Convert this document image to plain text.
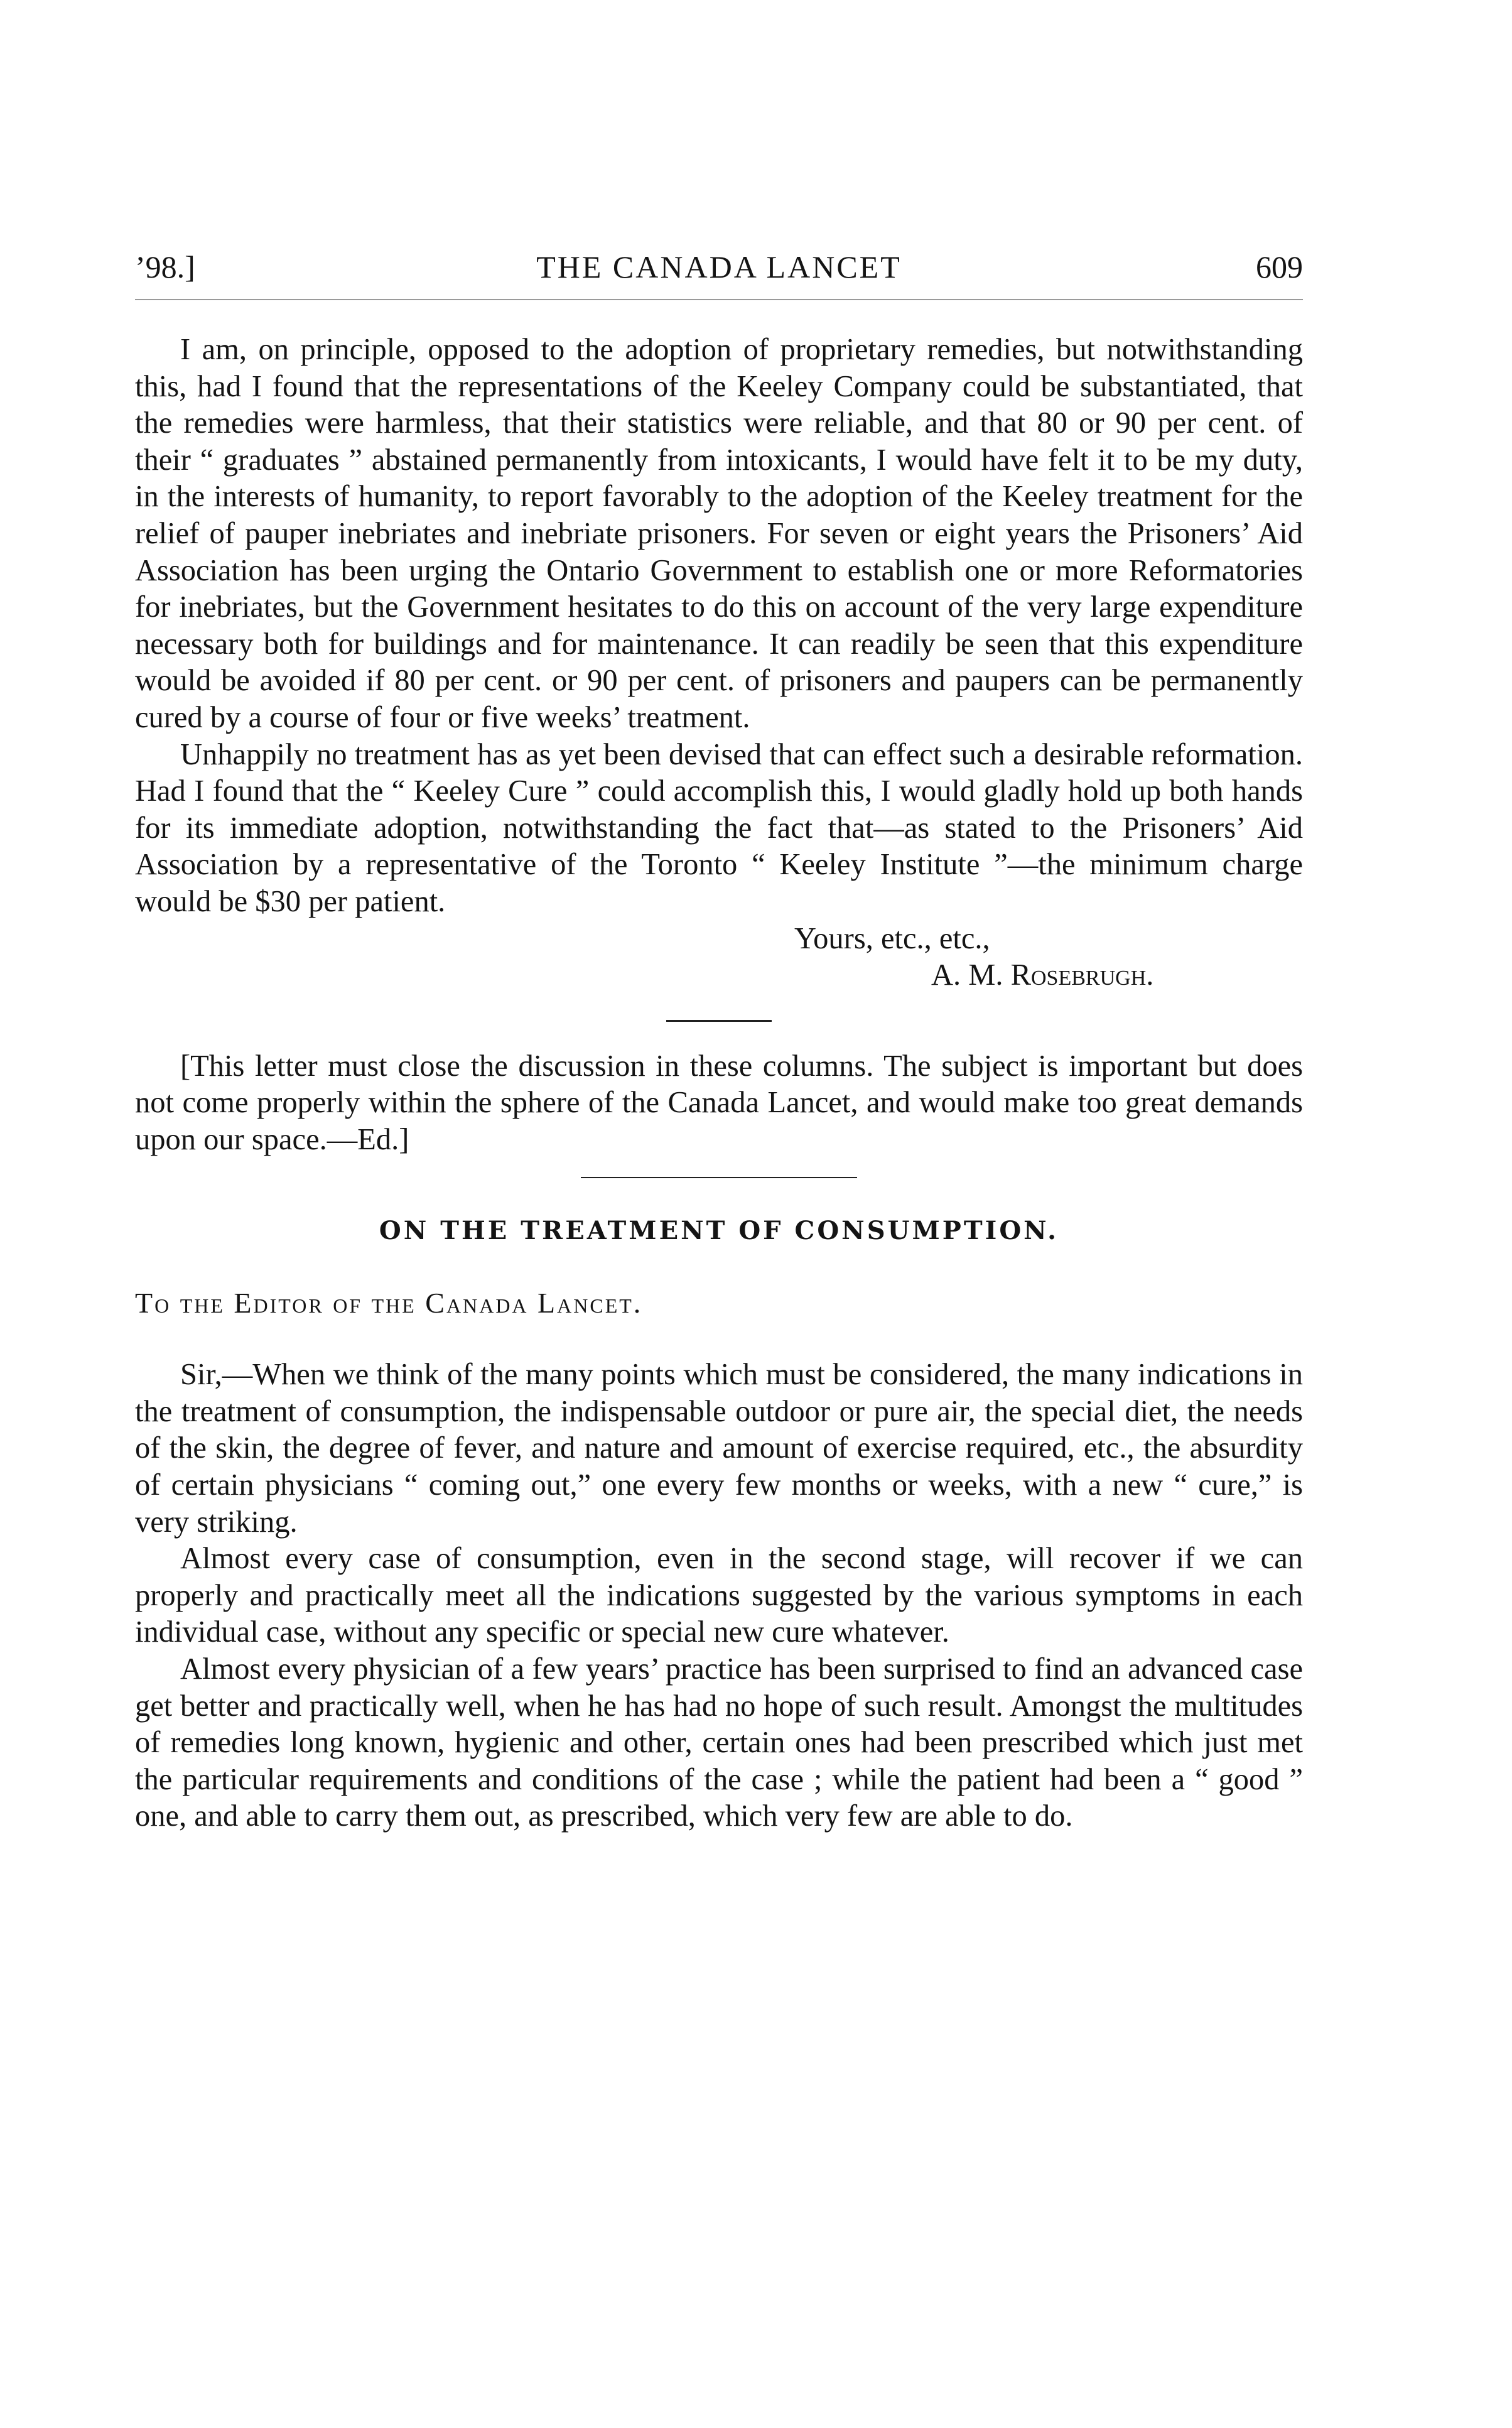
’98.]	THE CANADA LANCET	609

I am, on principle, opposed to the adoption of proprietary remedies, but notwithstanding this, had I found that the representations of the Keeley Company could be substantiated, that the remedies were harmless, that their statistics were reliable, and that 80 or 90 per cent. of their “ graduates ” abstained permanently from intoxicants, I would have felt it to be my duty, in the interests of humanity, to report favorably to the adoption of the Keeley treatment for the relief of pauper inebriates and inebriate prisoners. For seven or eight years the Prisoners’ Aid Association has been urging the Ontario Government to establish one or more Reformatories for inebriates, but the Government hesitates to do this on account of the very large expenditure necessary both for buildings and for maintenance. It can readily be seen that this expenditure would be avoided if 80 per cent. or 90 per cent. of prisoners and paupers can be permanently cured by a course of four or five weeks’ treatment.

Unhappily no treatment has as yet been devised that can effect such a desirable reformation. Had I found that the “ Keeley Cure ” could accomplish this, I would gladly hold up both hands for its immediate adoption, notwithstanding the fact that—as stated to the Prisoners’ Aid Association by a representative of the Toronto “ Keeley Institute ”—the minimum charge would be $30 per patient.

Yours, etc., etc.,
A. M. Rosebrugh.

[This letter must close the discussion in these columns. The subject is important but does not come properly within the sphere of the Canada Lancet, and would make too great demands upon our space.—Ed.]

ON THE TREATMENT OF CONSUMPTION.
To the Editor of the Canada Lancet.

Sir,—When we think of the many points which must be considered, the many indications in the treatment of consumption, the indispensable outdoor or pure air, the special diet, the needs of the skin, the degree of fever, and nature and amount of exercise required, etc., the absurdity of certain physicians “ coming out,” one every few months or weeks, with a new “ cure,” is very striking.

Almost every case of consumption, even in the second stage, will recover if we can properly and practically meet all the indications suggested by the various symptoms in each individual case, without any specific or special new cure whatever.

Almost every physician of a few years’ practice has been surprised to find an advanced case get better and practically well, when he has had no hope of such result. Amongst the multitudes of remedies long known, hygienic and other, certain ones had been prescribed which just met the particular requirements and conditions of the case ; while the patient had been a “ good ” one, and able to carry them out, as prescribed, which very few are able to do.
